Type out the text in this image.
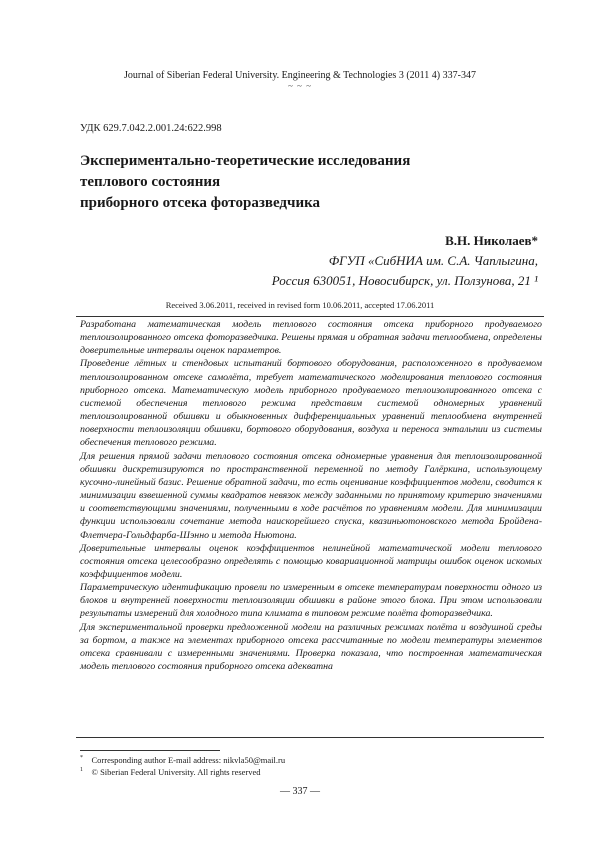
Journal of Siberian Federal University. Engineering & Technologies 3 (2011 4) 337-347
~ ~ ~
УДК 629.7.042.2.001.24:622.998
Экспериментально-теоретические исследования
теплового состояния
приборного отсека фоторазведчика
В.Н. Николаев*
ФГУП «СибНИА им. С.А. Чаплыгина,
Россия 630051, Новосибирск, ул. Ползунова, 21 ¹
Received 3.06.2011, received in revised form 10.06.2011, accepted 17.06.2011

Разработана математическая модель теплового состояния отсека приборного продуваемого теплоизолированного отсека фоторазведчика. Решены прямая и обратная задачи теплообмена, определены доверительные интервалы оценок параметров.

Проведение лётных и стендовых испытаний бортового оборудования, расположенного в продуваемом теплоизолированном отсеке самолёта, требует математического моделирования теплового состояния приборного отсека. Математическую модель приборного продуваемого теплоизолированного отсека с системой обеспечения теплового режима представим системой одномерных уравнений теплоизолированной обшивки и обыкновенных дифференциальных уравнений теплообмена внутренней поверхности теплоизоляции обшивки, бортового оборудования, воздуха и переноса энтальпии из системы обеспечения теплового режима.

Для решения прямой задачи теплового состояния отсека одномерные уравнения для теплоизолированной обшивки дискретизируются по пространственной переменной по методу Галёркина, использующему кусочно-линейный базис. Решение обратной задачи, то есть оценивание коэффициентов модели, сводится к минимизации взвешенной суммы квадратов невязок между заданными по принятому критерию значениями и соответствующими значениями, полученными в ходе расчётов по уравнениям модели. Для минимизации функции использовали сочетание метода наискорейшего спуска, квазиньютоновского метода Бройдена-Флетчера-Гольдфарба-Шэнно и метода Ньютона.

Доверительные интервалы оценок коэффициентов нелинейной математической модели теплового состояния отсека целесообразно определять с помощью ковариационной матрицы ошибок оценок искомых коэффициентов модели.

Параметрическую идентификацию провели по измеренным в отсеке температурам поверхности одного из блоков и внутренней поверхности теплоизоляции обшивки в районе этого блока. При этом использовали результаты измерений для холодного типа климата в типовом режиме полёта фоторазведчика.

Для экспериментальной проверки предложенной модели на различных режимах полёта и воздушной среды за бортом, а также на элементах приборного отсека рассчитанные по модели температуры элементов отсека сравнивали с измеренными значениями. Проверка показала, что построенная математическая модель теплового состояния приборного отсека адекватна

* Corresponding author E-mail address: nikvla50@mail.ru
$^1$ © Siberian Federal University. All rights reserved
— 337 —
